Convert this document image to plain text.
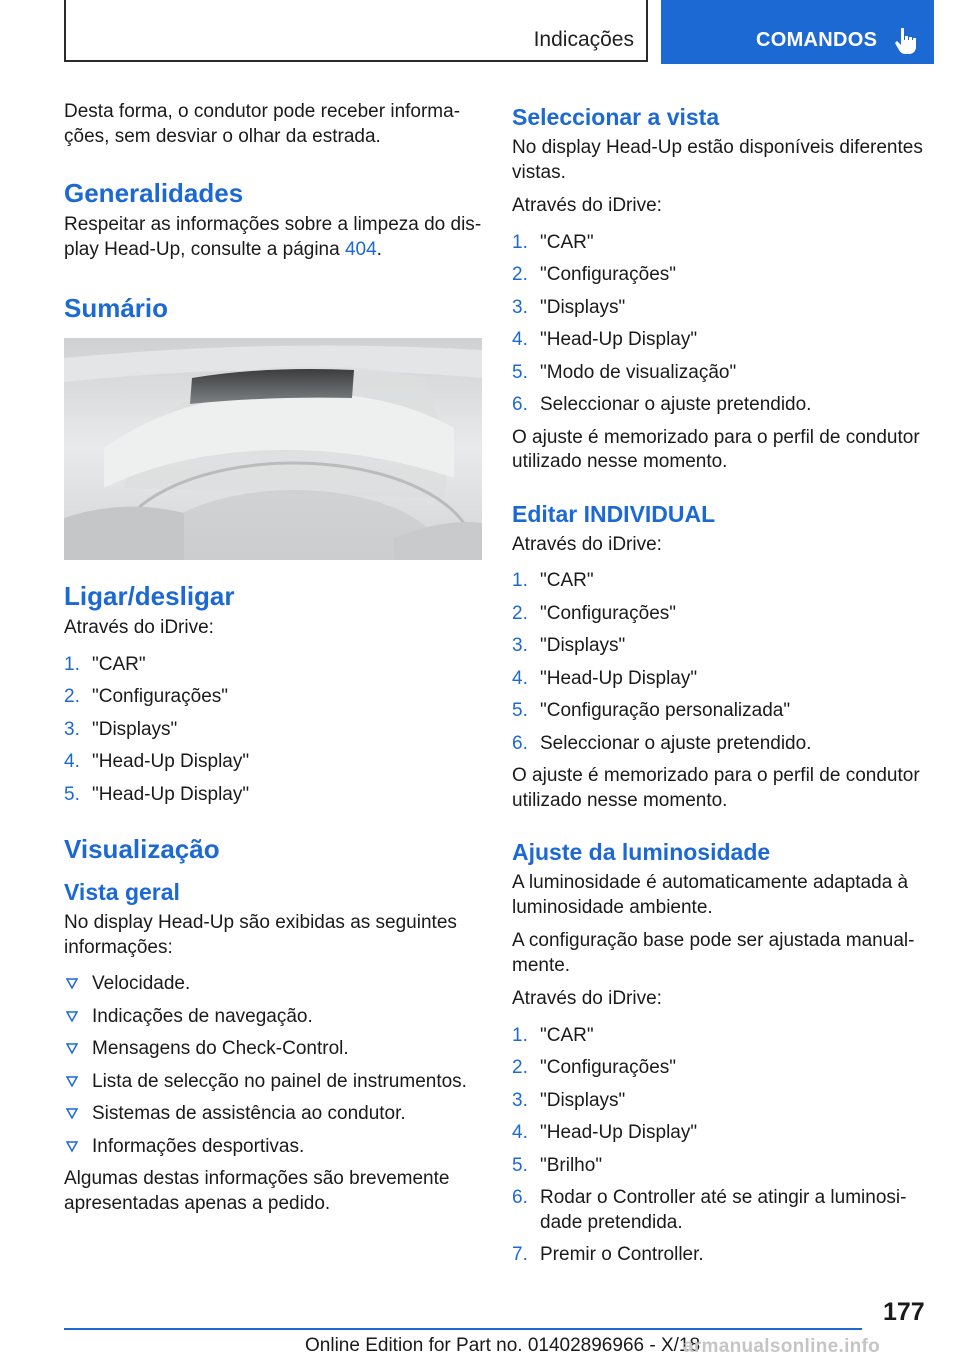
Indicações	COMANDOS

Desta forma, o condutor pode receber informações, sem desviar o olhar da estrada.

Generalidades

Respeitar as informações sobre a limpeza do display Head-Up, consulte a página 404.

Sumário
Ligar/desligar

Através do iDrive:

1. "CAR"
2. "Configurações"
3. "Displays"
4. "Head-Up Display"
5. "Head-Up Display"
Visualização
Vista geral

No display Head-Up são exibidas as seguintes informações:

Velocidade.
Indicações de navegação.
Mensagens do Check-Control.
Lista de selecção no painel de instrumentos.
Sistemas de assistência ao condutor.
Informações desportivas.

Algumas destas informações são brevemente apresentadas apenas a pedido.

Seleccionar a vista

No display Head-Up estão disponíveis diferentes vistas.

Através do iDrive:

1. "CAR"
2. "Configurações"
3. "Displays"
4. "Head-Up Display"
5. "Modo de visualização"
6. Seleccionar o ajuste pretendido.

O ajuste é memorizado para o perfil de condutor utilizado nesse momento.

Editar INDIVIDUAL

Através do iDrive:

1. "CAR"
2. "Configurações"
3. "Displays"
4. "Head-Up Display"
5. "Configuração personalizada"
6. Seleccionar o ajuste pretendido.

O ajuste é memorizado para o perfil de condutor utilizado nesse momento.

Ajuste da luminosidade

A luminosidade é automaticamente adaptada à luminosidade ambiente.

A configuração base pode ser ajustada manualmente.

Através do iDrive:

1. "CAR"
2. "Configurações"
3. "Displays"
4. "Head-Up Display"
5. "Brilho"
6. Rodar o Controller até se atingir a luminosidade pretendida.
7. Premir o Controller.
177
Online Edition for Part no. 01402896966 - X/18
armanualsonline.info
